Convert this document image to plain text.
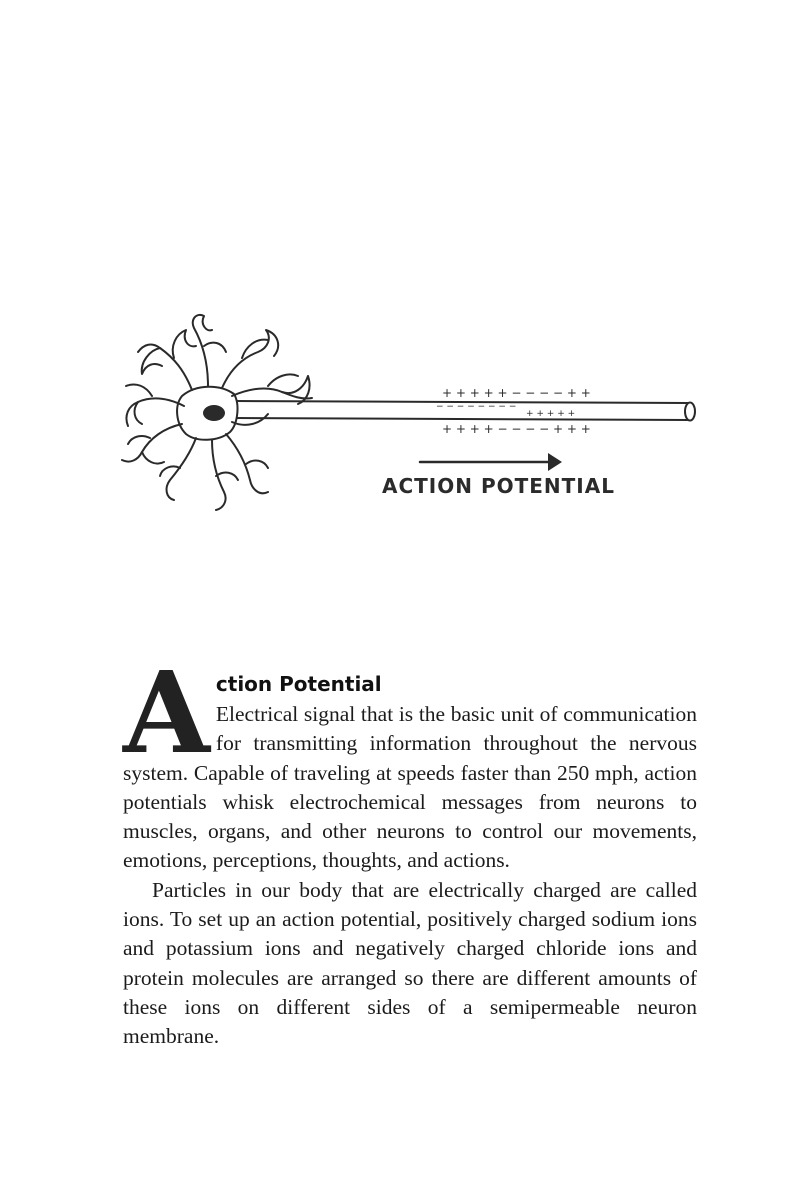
+ + + + + − − − − + +
− − − − − − − −
+ + + + +
+ + + + − − − − + + +
ACTION POTENTIAL
A ction Potential

Electrical signal that is the basic unit of communication for transmitting information throughout the nervous system. Capable of traveling at speeds faster than 250 mph, action potentials whisk electrochemical messages from neurons to muscles, organs, and other neurons to control our movements, emotions, perceptions, thoughts, and actions.

Particles in our body that are electrically charged are called ions. To set up an action potential, positively charged sodium ions and potassium ions and negatively charged chloride ions and protein molecules are arranged so there are different amounts of these ions on different sides of a semipermeable neuron membrane.
